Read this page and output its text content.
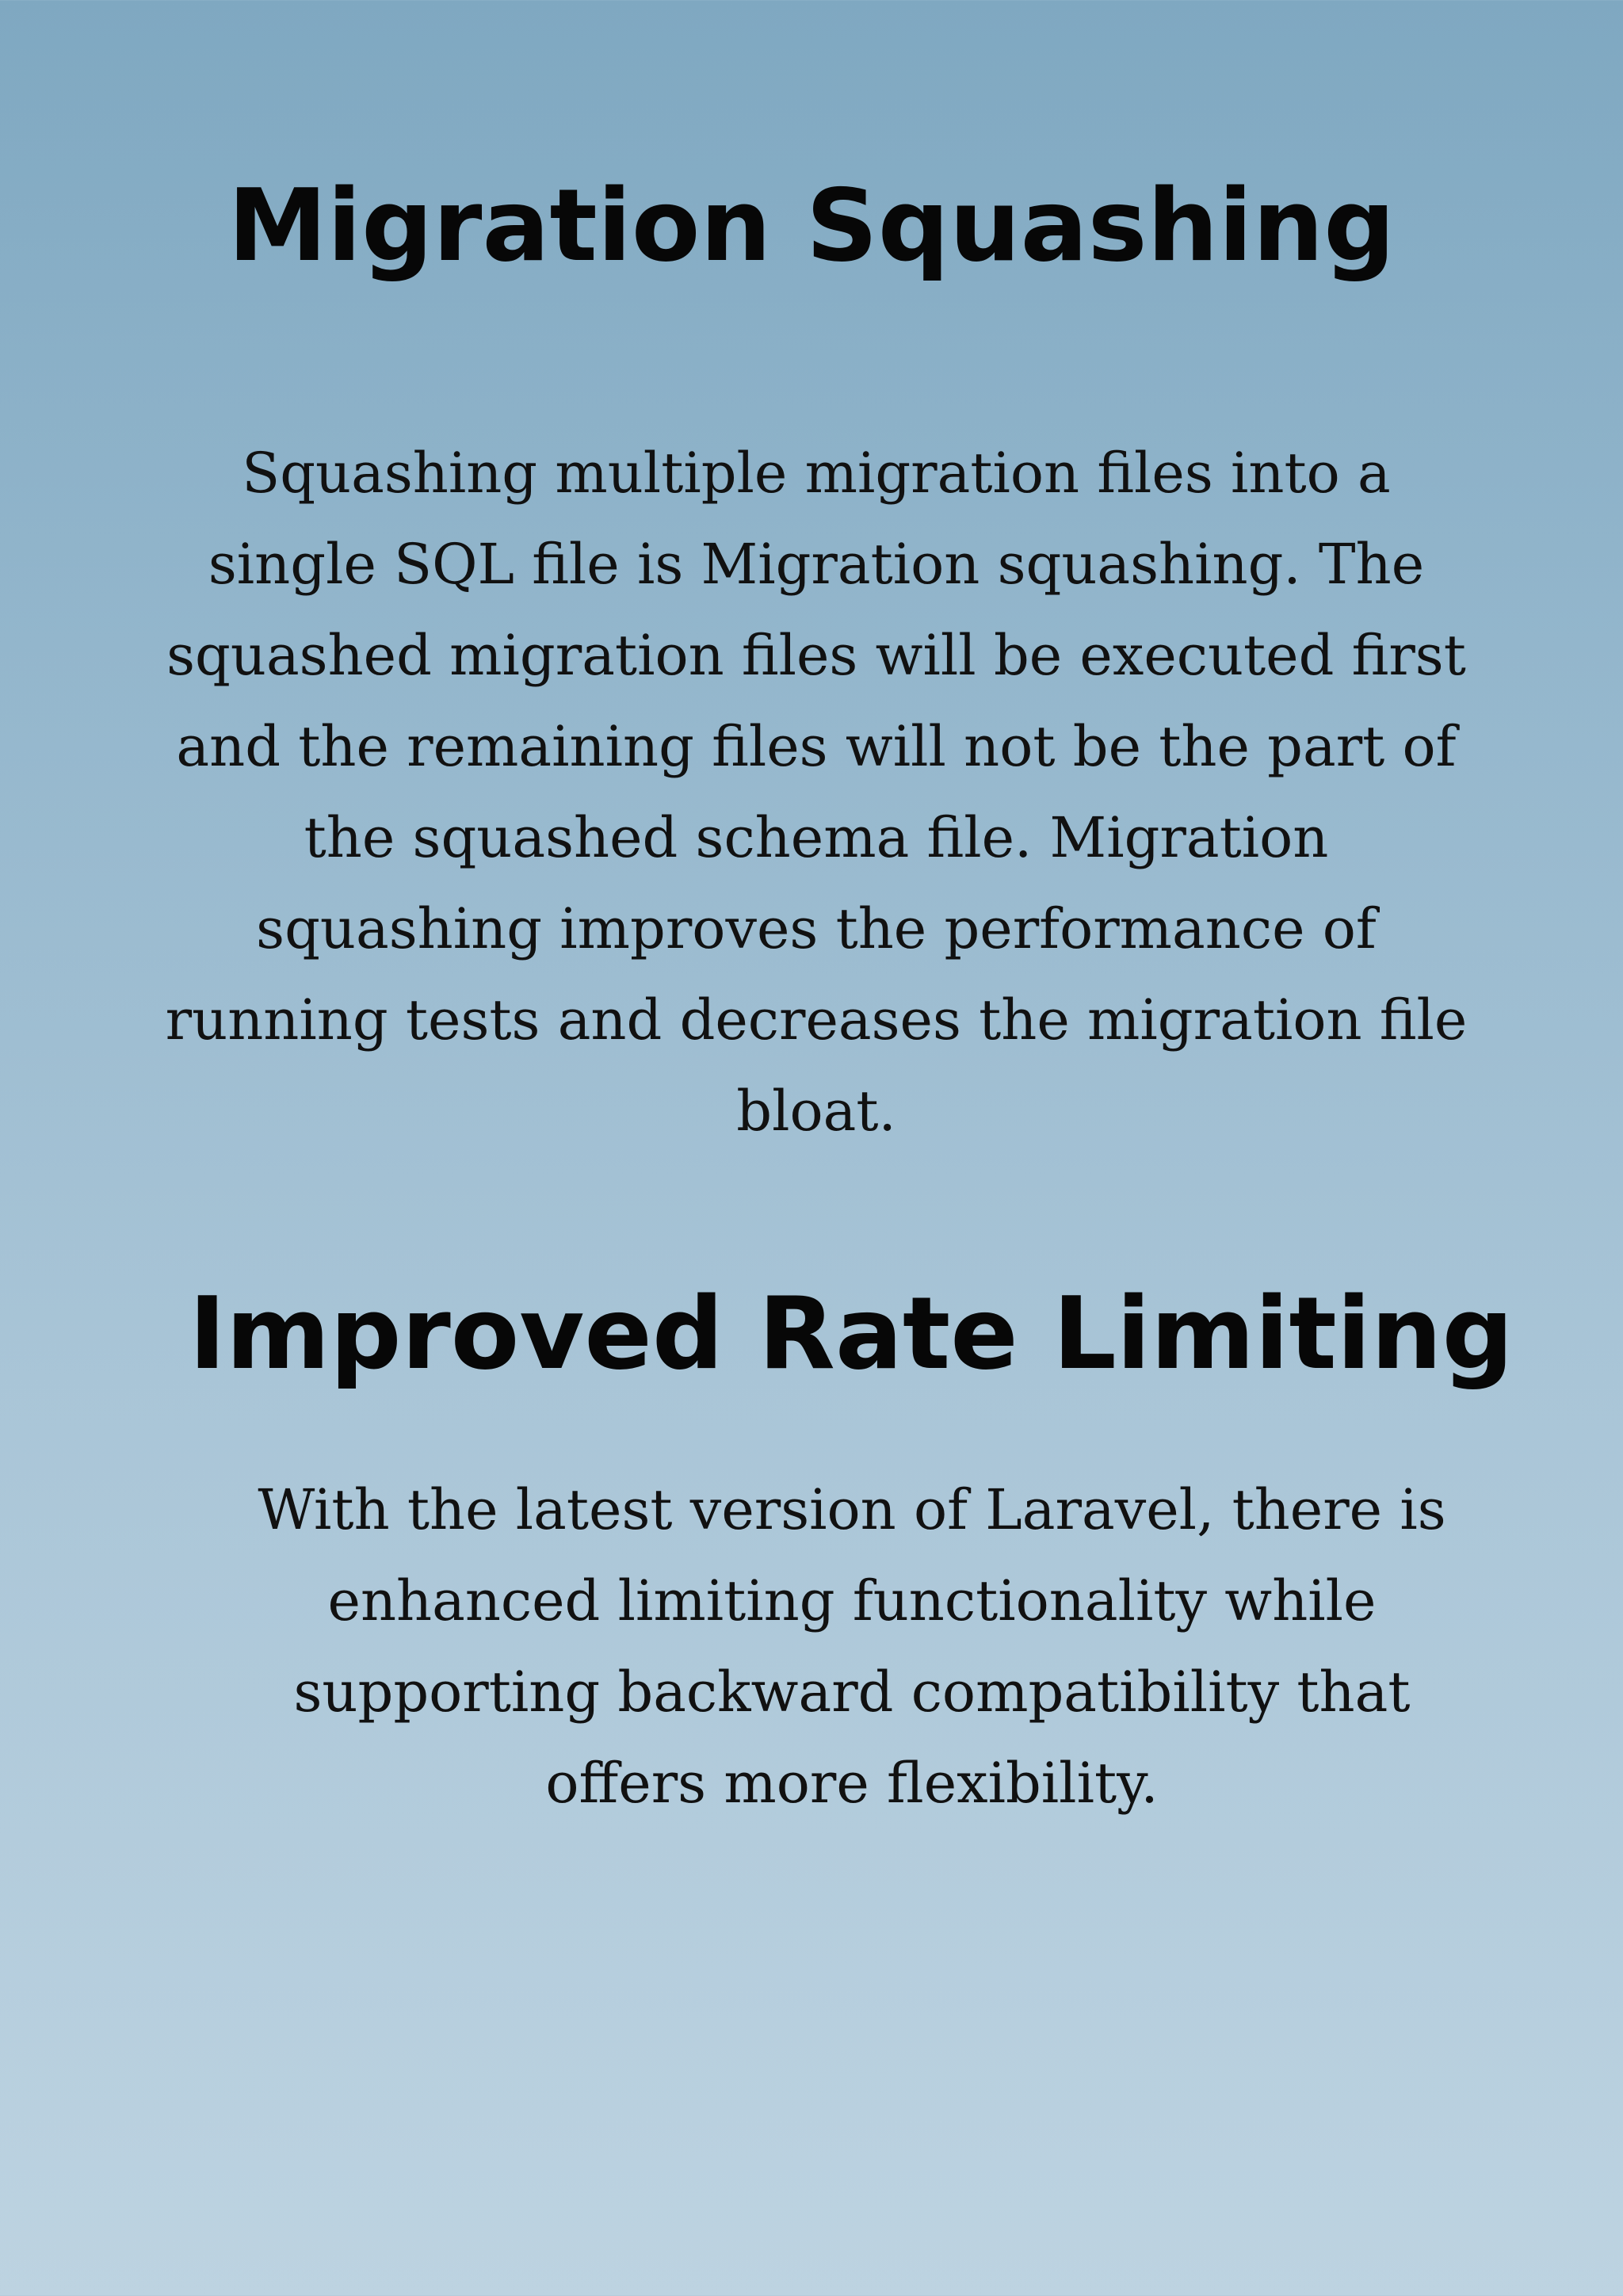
Migration Squashing

Squashing multiple migration files into a single SQL file is Migration squashing. The squashed migration files will be executed first and the remaining files will not be the part of the squashed schema file. Migration squashing improves the performance of running tests and decreases the migration file bloat.

Improved Rate Limiting

With the latest version of Laravel, there is enhanced limiting functionality while supporting backward compatibility that offers more flexibility.
